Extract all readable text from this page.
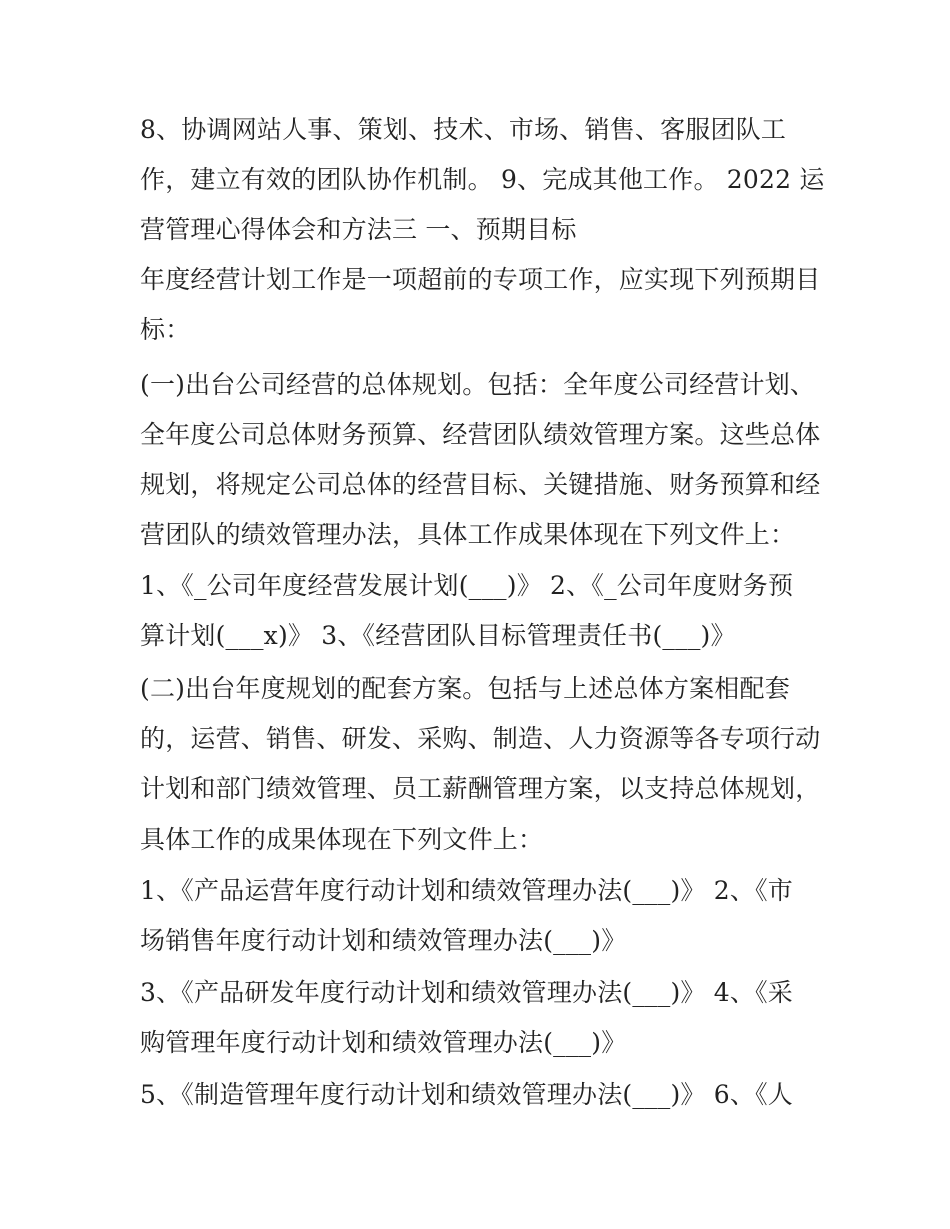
8、协调网站人事、策划、技术、市场、销售、客服团队工
作，建立有效的团队协作机制。 9、完成其他工作。 2022 运
营管理心得体会和方法三 一、预期目标
年度经营计划工作是一项超前的专项工作，应实现下列预期目
标：
(一)出台公司经营的总体规划。包括：全年度公司经营计划、
全年度公司总体财务预算、经营团队绩效管理方案。这些总体
规划，将规定公司总体的经营目标、关键措施、财务预算和经
营团队的绩效管理办法，具体工作成果体现在下列文件上：
1、《_公司年度经营发展计划(___)》 2、《_公司年度财务预
算计划(___x)》 3、《经营团队目标管理责任书(___)》
(二)出台年度规划的配套方案。包括与上述总体方案相配套
的，运营、销售、研发、采购、制造、人力资源等各专项行动
计划和部门绩效管理、员工薪酬管理方案，以支持总体规划，
具体工作的成果体现在下列文件上：
1、《产品运营年度行动计划和绩效管理办法(___)》 2、《市
场销售年度行动计划和绩效管理办法(___)》
3、《产品研发年度行动计划和绩效管理办法(___)》 4、《采
购管理年度行动计划和绩效管理办法(___)》
5、《制造管理年度行动计划和绩效管理办法(___)》 6、《人
